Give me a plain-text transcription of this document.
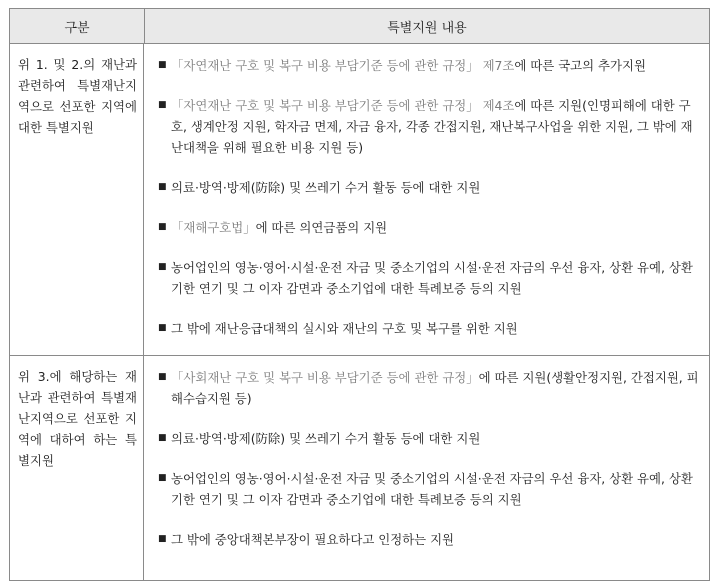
구분	특별지원 내용
위 1. 및 2.의 재난과 관련하여 특별재난지역으로 선포한 지역에 대한 특별지원
■ 「자연재난 구호 및 복구 비용 부담기준 등에 관한 규정」 제7조에 따른 국고의 추가지원
■ 「자연재난 구호 및 복구 비용 부담기준 등에 관한 규정」 제4조에 따른 지원(인명피해에 대한 구호, 생계안정 지원, 학자금 면제, 자금 융자, 각종 간접지원, 재난복구사업을 위한 지원, 그 밖에 재난대책을 위해 필요한 비용 지원 등)
■ 의료·방역·방제(防除) 및 쓰레기 수거 활동 등에 대한 지원
■ 「재해구호법」에 따른 의연금품의 지원
■ 농어업인의 영농·영어·시설·운전 자금 및 중소기업의 시설·운전 자금의 우선 융자, 상환 유예, 상환 기한 연기 및 그 이자 감면과 중소기업에 대한 특례보증 등의 지원
■ 그 밖에 재난응급대책의 실시와 재난의 구호 및 복구를 위한 지원
위 3.에 해당하는 재난과 관련하여 특별재난지역으로 선포한 지역에 대하여 하는 특별지원
■ 「사회재난 구호 및 복구 비용 부담기준 등에 관한 규정」에 따른 지원(생활안정지원, 간접지원, 피해수습지원 등)
■ 의료·방역·방제(防除) 및 쓰레기 수거 활동 등에 대한 지원
■ 농어업인의 영농·영어·시설·운전 자금 및 중소기업의 시설·운전 자금의 우선 융자, 상환 유예, 상환 기한 연기 및 그 이자 감면과 중소기업에 대한 특례보증 등의 지원
■ 그 밖에 중앙대책본부장이 필요하다고 인정하는 지원
